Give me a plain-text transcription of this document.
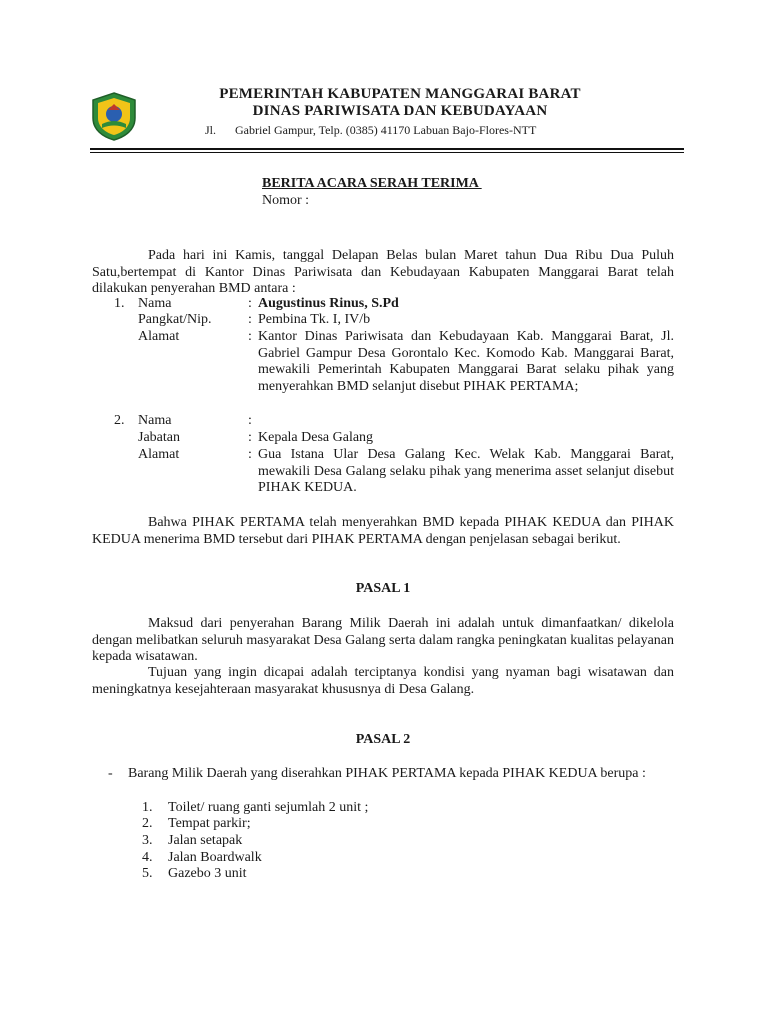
PEMERINTAH KABUPATEN MANGGARAI BARAT
DINAS PARIWISATA DAN KEBUDAYAAN
Jl. Gabriel Gampur, Telp. (0385) 41170 Labuan Bajo-Flores-NTT
BERITA ACARA SERAH TERIMA
Nomor :
Pada hari ini Kamis, tanggal Delapan Belas bulan Maret tahun Dua Ribu Dua Puluh Satu,bertempat di Kantor Dinas Pariwisata dan Kebudayaan Kabupaten Manggarai Barat telah dilakukan penyerahan BMD antara :
1. Nama	: Augustinus Rinus, S.Pd
Pangkat/Nip.	: Pembina Tk. I, IV/b
Alamat	: Kantor Dinas Pariwisata dan Kebudayaan Kab. Manggarai Barat, Jl. Gabriel Gampur Desa Gorontalo Kec. Komodo Kab. Manggarai Barat, mewakili Pemerintah Kabupaten Manggarai Barat selaku pihak yang menyerahkan BMD selanjut disebut PIHAK PERTAMA;
2. Nama	:
Jabatan	: Kepala Desa Galang
Alamat	: Gua Istana Ular Desa Galang Kec. Welak Kab. Manggarai Barat, mewakili Desa Galang selaku pihak yang menerima asset selanjut disebut PIHAK KEDUA.
Bahwa PIHAK PERTAMA telah menyerahkan BMD kepada PIHAK KEDUA dan PIHAK KEDUA menerima BMD tersebut dari PIHAK PERTAMA dengan penjelasan sebagai berikut.
PASAL 1
Maksud dari penyerahan Barang Milik Daerah ini adalah untuk dimanfaatkan/ dikelola dengan melibatkan seluruh masyarakat Desa Galang serta dalam rangka peningkatan kualitas pelayanan kepada wisatawan.
Tujuan yang ingin dicapai adalah terciptanya kondisi yang nyaman bagi wisatawan dan meningkatnya kesejahteraan masyarakat khususnya di Desa Galang.
PASAL 2
- Barang Milik Daerah yang diserahkan PIHAK PERTAMA kepada PIHAK KEDUA berupa :
1. Toilet/ ruang ganti sejumlah 2 unit ;
2. Tempat parkir;
3. Jalan setapak
4. Jalan Boardwalk
5. Gazebo 3 unit
